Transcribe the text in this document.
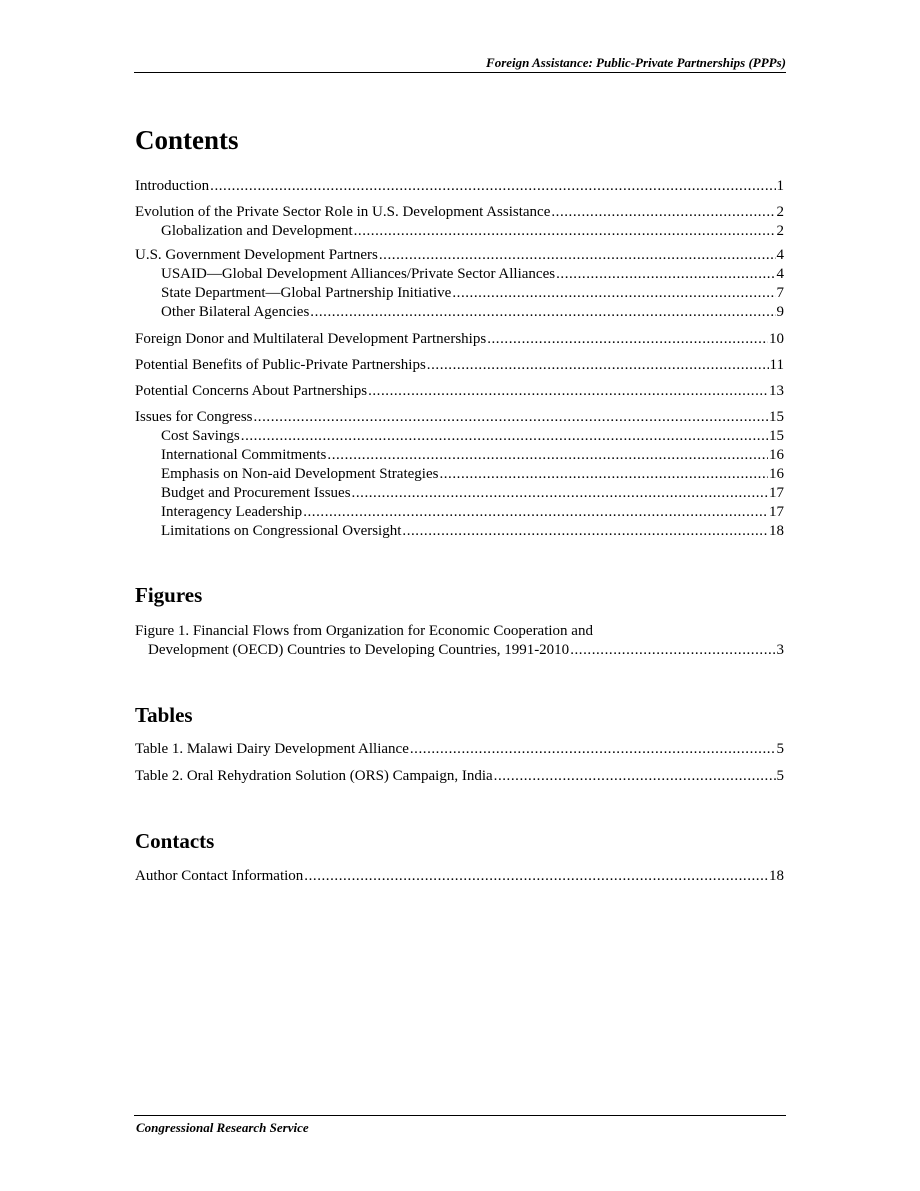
Foreign Assistance: Public-Private Partnerships (PPPs)
Contents
Introduction . . .	1
Evolution of the Private Sector Role in U.S. Development Assistance . . .	2
Globalization and Development . . .	2
U.S. Government Development Partners . . .	4
USAID—Global Development Alliances/Private Sector Alliances . . .	4
State Department—Global Partnership Initiative . . .	7
Other Bilateral Agencies . . .	9
Foreign Donor and Multilateral Development Partnerships . . .	10
Potential Benefits of Public-Private Partnerships . . .	11
Potential Concerns About Partnerships . . .	13
Issues for Congress . . .	15
Cost Savings . . .	15
International Commitments . . .	16
Emphasis on Non-aid Development Strategies . . .	16
Budget and Procurement Issues . . .	17
Interagency Leadership . . .	17
Limitations on Congressional Oversight . . .	18
Figures
Figure 1. Financial Flows from Organization for Economic Cooperation and
Development (OECD) Countries to Developing Countries, 1991-2010 . . .	3
Tables
Table 1. Malawi Dairy Development Alliance . . .	5
Table 2. Oral Rehydration Solution (ORS) Campaign, India . . .	5
Contacts
Author Contact Information . . .	18
Congressional Research Service
